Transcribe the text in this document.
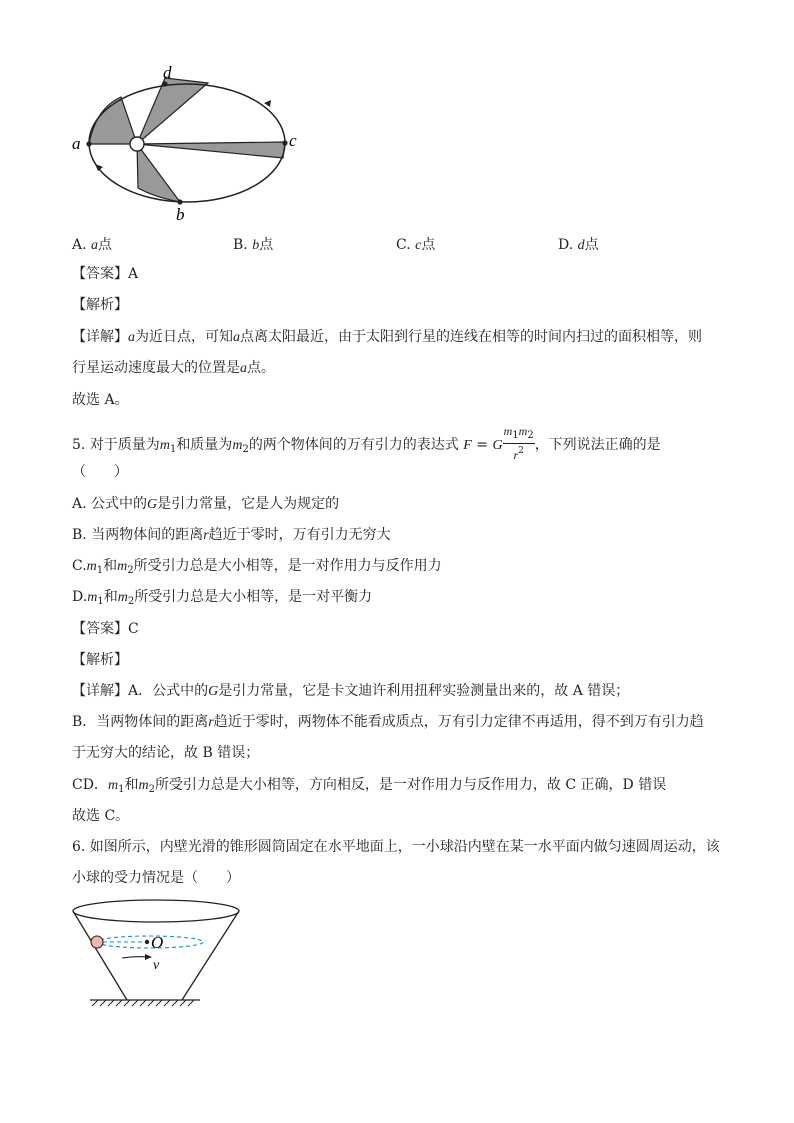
a
b
c
d
A. a点	B. b点	C. c点	D. d点
【答案】A
【解析】
【详解】a为近日点，可知a点离太阳最近，由于太阳到行星的连线在相等的时间内扫过的面积相等，则
行星运动速度最大的位置是a点。
故选 A。
5. 对于质量为$m_1$和质量为$m_2$的两个物体间的万有引力的表达式 F = G $\frac{m_1m_2}{r^2}$ ，下列说法正确的是
（　　）
A. 公式中的G是引力常量，它是人为规定的
B. 当两物体间的距离r趋近于零时，万有引力无穷大
$C.m_1$和$m_2$所受引力总是大小相等，是一对作用力与反作用力
$D.m_1$和$m_2$所受引力总是大小相等，是一对平衡力
【答案】C
【解析】
【详解】A．公式中的G是引力常量，它是卡文迪许利用扭秤实验测量出来的，故 A 错误；
B．当两物体间的距离r趋近于零时，两物体不能看成质点，万有引力定律不再适用，得不到万有引力趋
于无穷大的结论，故 B 错误；
CD．$m_1$和$m_2$所受引力总是大小相等，方向相反，是一对作用力与反作用力，故 C 正确，D 错误
故选 C。
6. 如图所示，内壁光滑的锥形圆筒固定在水平地面上，一小球沿内壁在某一水平面内做匀速圆周运动，该
小球的受力情况是（　　）
O
v
